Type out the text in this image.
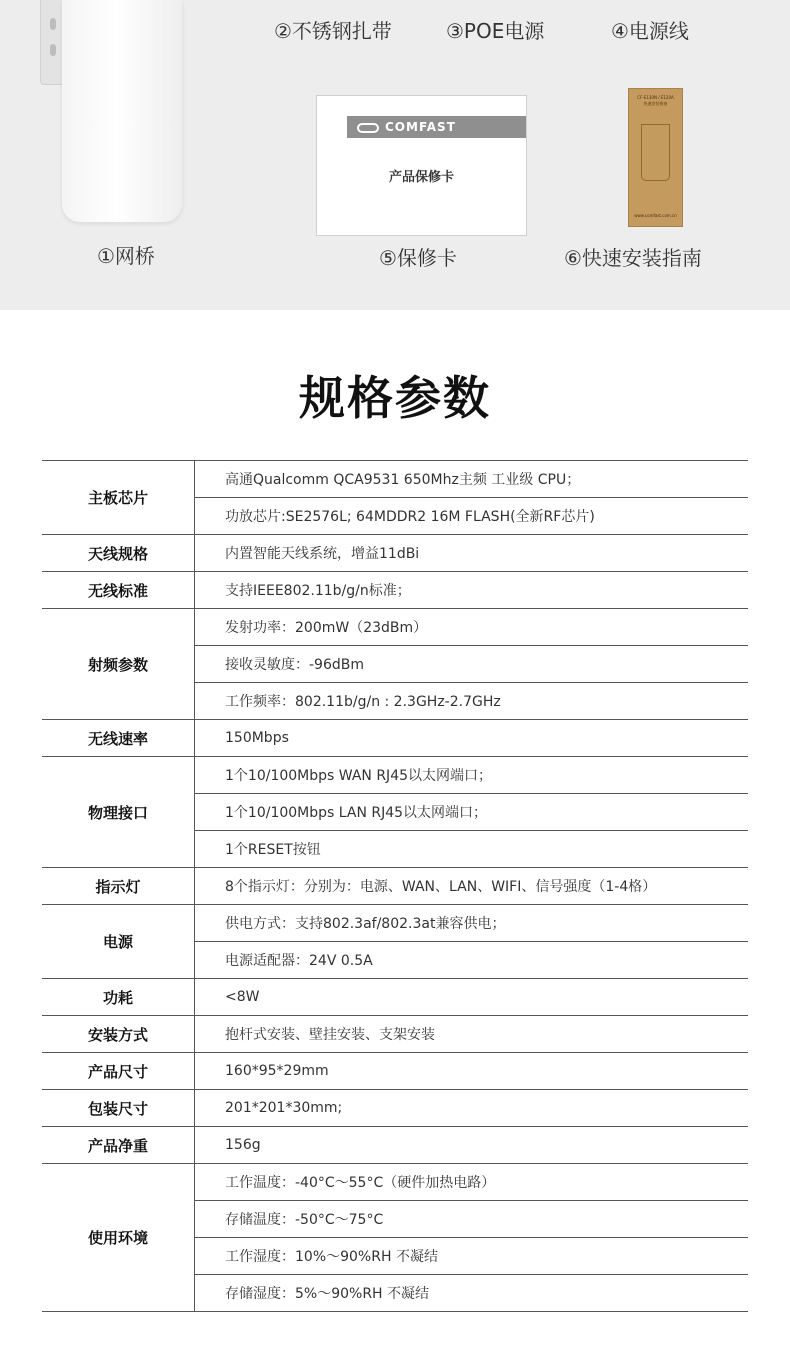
②不锈钢扎带	③POE电源	④电源线
COMFAST
产品保修卡
CF-E130N / E120A
快速安装指南
www.comfast.com.cn
①网桥	⑤保修卡	⑥快速安装指南
规格参数
主板芯片	高通Qualcomm QCA9531 650Mhz主频 工业级 CPU；
	功放芯片:SE2576L; 64MDDR2 16M FLASH(全新RF芯片)
天线规格	内置智能天线系统，增益11dBi
无线标准	支持IEEE802.11b/g/n标准；
射频参数	发射功率：200mW（23dBm）
	接收灵敏度：-96dBm
	工作频率：802.11b/g/n : 2.3GHz-2.7GHz
无线速率	150Mbps
物理接口	1个10/100Mbps WAN RJ45以太网端口；
	1个10/100Mbps LAN RJ45以太网端口；
	1个RESET按钮
指示灯	8个指示灯：分别为：电源、WAN、LAN、WIFI、信号强度（1-4格）
电源	供电方式：支持802.3af/802.3at兼容供电；
	电源适配器：24V 0.5A
功耗	<8W
安装方式	抱杆式安装、壁挂安装、支架安装
产品尺寸	160*95*29mm
包装尺寸	201*201*30mm;
产品净重	156g
使用环境	工作温度：-40°C～55°C（硬件加热电路）
	存储温度：-50°C～75°C
	工作湿度：10%～90%RH 不凝结
	存储湿度：5%～90%RH 不凝结
